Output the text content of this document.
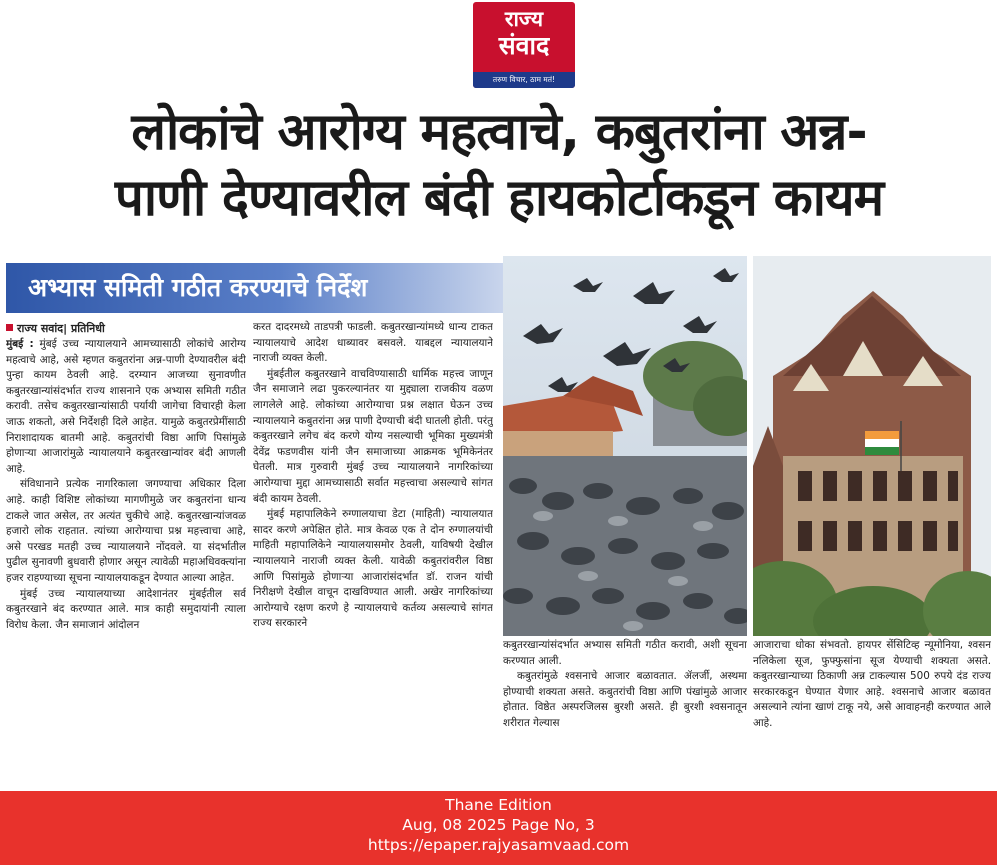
राज्य
संवाद
तरुण विचार, ठाम मतं!
लोकांचे आरोग्य महत्वाचे, कबुतरांना अन्न-
पाणी देण्यावरील बंदी हायकोर्टाकडून कायम
अभ्यास समिती गठीत करण्याचे निर्देश
राज्य सवांद| प्रतिनिधी

मुंबई : मुंबई उच्च न्यायालयाने आमच्यासाठी लोकांचे आरोग्य महत्वाचे आहे, असे म्हणत कबुतरांना अन्न-पाणी देण्यावरील बंदी पुन्हा कायम ठेवली आहे. दरम्यान आजच्या सुनावणीत कबुतरखान्यांसंदर्भात राज्य शासनाने एक अभ्यास समिती गठीत करावी. तसेच कबुतरखान्यांसाठी पर्यायी जागेचा विचारही केला जाऊ शकतो, असे निर्देशही दिले आहेत. यामुळे कबुतरप्रेमींसाठी निराशादायक बातमी आहे. कबुतरांची विष्ठा आणि पिसांमुळे होणाऱ्या आजारांमुळे न्यायालयाने कबुतरखान्यांवर बंदी आणली आहे.

संविधानाने प्रत्येक नागरिकाला जगण्याचा अधिकार दिला आहे. काही विशिष्ट लोकांच्या मागणीमुळे जर कबुतरांना धान्य टाकले जात असेल, तर अत्यंत चुकीचे आहे. कबुतरखान्यांजवळ हजारो लोक राहतात. त्यांच्या आरोग्याचा प्रश्न महत्त्वाचा आहे, असे परखड मतही उच्च न्यायालयाने नोंदवले. या संदर्भातील पुढील सुनावणी बुधवारी होणार असून त्यावेळी महाअधिवक्त्यांना हजर राहण्याच्या सूचना न्यायालयाकडून देण्यात आल्या आहेत.

मुंबई उच्च न्यायालयाच्या आदेशानंतर मुंबईतील सर्व कबुतरखाने बंद करण्यात आले. मात्र काही समुदायांनी त्याला विरोध केला. जैन समाजानं आंदोलन

करत दादरमध्ये ताडपत्री फाडली. कबुतरखान्यांमध्ये धान्य टाकत न्यायालयाचे आदेश धाब्यावर बसवले. याबद्दल न्यायालयाने नाराजी व्यक्त केली.

मुंबईतील कबुतरखाने वाचविण्यासाठी धार्मिक महत्त्व जाणून जैन समाजाने लढा पुकरल्यानंतर या मुद्द्याला राजकीय वळण लागलेले आहे. लोकांच्या आरोग्याचा प्रश्न लक्षात घेऊन उच्च न्यायालयाने कबुतरांना अन्न पाणी देण्याची बंदी घातली होती. परंतु कबुतरखाने लगेच बंद करणे योग्य नसल्याची भूमिका मुख्यमंत्री देवेंद्र फडणवीस यांनी जैन समाजाच्या आक्रमक भूमिकेनंतर घेतली. मात्र गुरुवारी मुंबई उच्च न्यायालयाने नागरिकांच्या आरोग्याचा मुद्दा आमच्यासाठी सर्वात महत्त्वाचा असल्याचे सांगत बंदी कायम ठेवली.

मुंबई महापालिकेने रुग्णालयाचा डेटा (माहिती) न्यायालयात सादर करणे अपेक्षित होते. मात्र केवळ एक ते दोन रुग्णालयांची माहिती महापालिकेने न्यायालयासमोर ठेवली, याविषयी देखील न्यायालयाने नाराजी व्यक्त केली. यावेळी कबुतरांवरील विष्ठा आणि पिसांमुळे होणाऱ्या आजारांसंदर्भात डॉ. राजन यांची निरीक्षणे देखील वाचून दाखविण्यात आली. अखेर नागरिकांच्या आरोग्याचे रक्षण करणे हे न्यायालयाचे कर्तव्य असल्याचे सांगत राज्य सरकारने

कबुतरखान्यांसंदर्भात अभ्यास समिती गठीत करावी, अशी सूचना करण्यात आली.

कबुतरांमुळे श्वसनाचे आजार बळावतात. ॲलर्जी, अस्थमा होण्याची शक्यता असते. कबुतरांची विष्ठा आणि पंखांमुळे आजार होतात. विष्ठेत अस्परजिलस बुरशी असते. ही बुरशी श्वसनातून शरीरात गेल्यास

आजाराचा धोका संभवतो. हायपर सेंसिटिव्ह न्यूमोनिया, श्वसन नलिकेला सूज, फुफ्फुसांना सूज येण्याची शक्यता असते. कबुतरखान्याच्या ठिकाणी अन्न टाकल्यास 500 रुपये दंड राज्य सरकारकडून घेण्यात येणार आहे. श्वसनाचे आजार बळावत असल्याने त्यांना खाणं टाकू नये, असे आवाहनही करण्यात आले आहे.

Thane Edition
Aug, 08 2025 Page No, 3
https://epaper.rajyasamvaad.com
